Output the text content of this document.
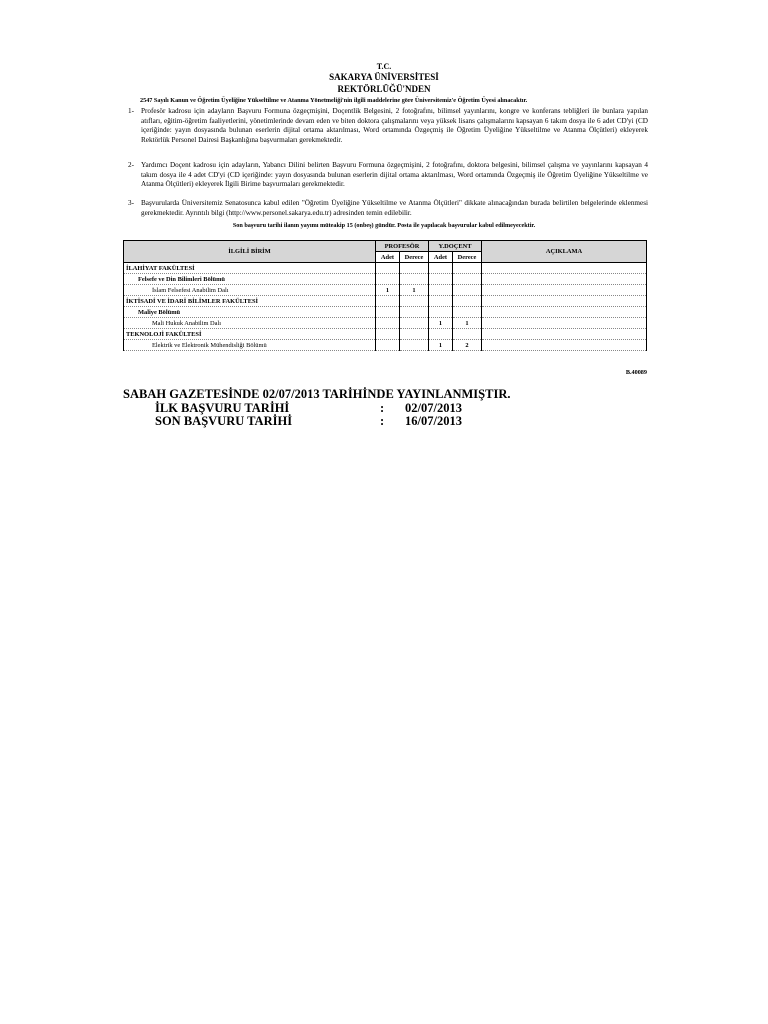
T.C.
SAKARYA ÜNİVERSİTESİ
REKTÖRLÜĞÜ'NDEN
2547 Sayılı Kanun ve Öğretim Üyeliğine Yükseltilme ve Atanma Yönetmeliği'nin ilgili maddelerine göre Üniversitemiz'e Öğretim Üyesi alınacaktır.
1- Profesör kadrosu için adayların Başvuru Formuna özgeçmişini, Doçentlik Belgesini, 2 fotoğrafını, bilimsel yayınlarını, kongre ve konferans tebliğleri ile bunlara yapılan atıfları, eğitim-öğretim faaliyetlerini, yönetimlerinde devam eden ve biten doktora çalışmalarını veya yüksek lisans çalışmalarını kapsayan 6 takım dosya ile 6 adet CD'yi (CD içeriğinde: yayın dosyasında bulunan eserlerin dijital ortama aktarılması, Word ortamında Özgeçmiş ile Öğretim Üyeliğine Yükseltilme ve Atanma Ölçütleri) ekleyerek Rektörlük Personel Dairesi Başkanlığına başvurmaları gerekmektedir.
2- Yardımcı Doçent kadrosu için adayların, Yabancı Dilini belirten Başvuru Formuna özgeçmişini, 2 fotoğrafını, doktora belgesini, bilimsel çalışma ve yayınlarını kapsayan 4 takım dosya ile 4 adet CD'yi (CD içeriğinde: yayın dosyasında bulunan eserlerin dijital ortama aktarılması, Word ortamında Özgeçmiş ile Öğretim Üyeliğine Yükseltilme ve Atanma Ölçütleri) ekleyerek İlgili Birime başvurmaları gerekmektedir.
3- Başvurularda Üniversitemiz Senatosunca kabul edilen "Öğretim Üyeliğine Yükseltilme ve Atanma Ölçütleri" dikkate alınacağından burada belirtilen belgelerinde eklenmesi gerekmektedir. Ayrıntılı bilgi (http://www.personel.sakarya.edu.tr) adresinden temin edilebilir.
Son başvuru tarihi ilanın yayımı müteakip 15 (onbeş) gündür. Posta ile yapılacak başvurular kabul edilmeyecektir.
İLGİLİ BİRİM	PROFESÖR		Y.DOÇENT		AÇIKLAMA
	Adet	Derece	Adet	Derece	
İLAHİYAT FAKÜLTESİ					
Felsefe ve Din Bilimleri Bölümü					
İslam Felsefesi Anabilim Dalı	1	1			
İKTİSADİ VE İDARİ BİLİMLER FAKÜLTESİ					
Maliye Bölümü					
Mali Hukuk Anabilim Dalı			1	1	
TEKNOLOJİ FAKÜLTESİ					
Elektrik ve Elektronik Mühendisliği Bölümü			1	2	
B.40089
SABAH GAZETESİNDE 02/07/2013 TARİHİNDE YAYINLANMIŞTIR.
İLK BAŞVURU TARİHİ	: 02/07/2013
SON BAŞVURU TARİHİ	: 16/07/2013
